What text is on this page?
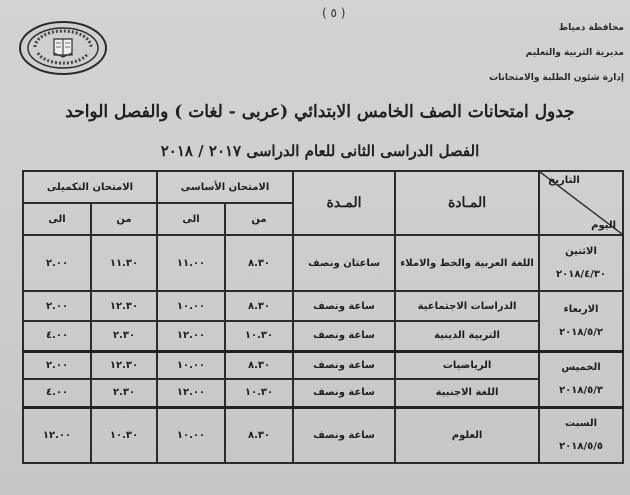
( ٥ )
محافظة دمياط
مديرية التربية والتعليم
إدارة شئون الطلبة والامتحانات
جدول امتحانات الصف الخامس الابتدائي (عربى - لغات ) والفصل الواحد
الفصل الدراسى الثانى للعام الدراسى ٢٠١٧ / ٢٠١٨
التاريخ
اليوم	المـادة	المـدة	الامتحان الأساسى		الامتحان التكميلى	
			من	الى	من	الى

الاثنين
٢٠١٨/٤/٣٠	اللغة العربية والخط والاملاء	ساعتان ونصف	٨.٣٠	١١.٠٠	١١.٣٠	٢.٠٠

الاربعاء
٢٠١٨/٥/٢	الدراسات الاجتماعية	ساعة ونصف	٨.٣٠	١٠.٠٠	١٢.٣٠	٢.٠٠
	التربية الدينية	ساعة ونصف	١٠.٣٠	١٢.٠٠	٢.٣٠	٤.٠٠

الخميس
٢٠١٨/٥/٣	الرياضيات	ساعة ونصف	٨.٣٠	١٠.٠٠	١٢.٣٠	٢.٠٠
	اللغة الاجنبية	ساعة ونصف	١٠.٣٠	١٢.٠٠	٢.٣٠	٤.٠٠

السبت
٢٠١٨/٥/٥	العلوم	ساعة ونصف	٨.٣٠	١٠.٠٠	١٠.٣٠	١٢.٠٠
